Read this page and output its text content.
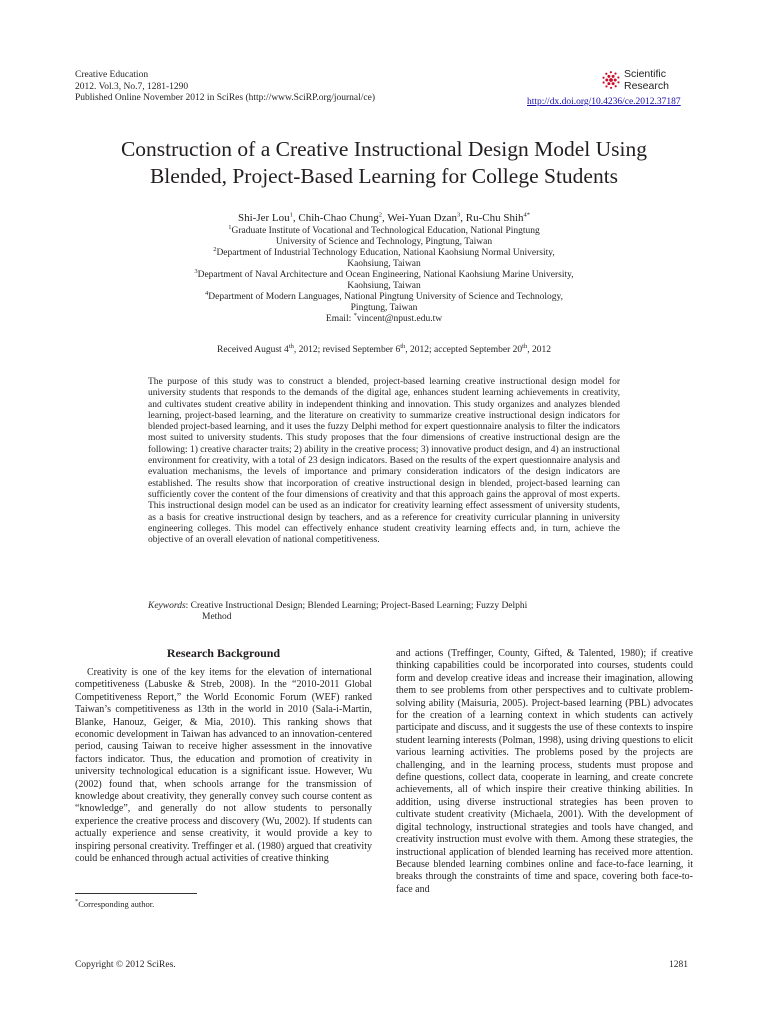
Creative Education
2012. Vol.3, No.7, 1281-1290
Published Online November 2012 in SciRes (http://www.SciRP.org/journal/ce)
Scientific
Research
http://dx.doi.org/10.4236/ce.2012.37187
Construction of a Creative Instructional Design Model Using
Blended, Project-Based Learning for College Students
Shi-Jer Lou$^1$, Chih-Chao Chung$^2$, Wei-Yuan Dzan$^3$, Ru-Chu Shih$^{4*}$
$^1$Graduate Institute of Vocational and Technological Education, National Pingtung
University of Science and Technology, Pingtung, Taiwan
$^2$Department of Industrial Technology Education, National Kaohsiung Normal University,
Kaohsiung, Taiwan
$^3$Department of Naval Architecture and Ocean Engineering, National Kaohsiung Marine University,
Kaohsiung, Taiwan
$^4$Department of Modern Languages, National Pingtung University of Science and Technology,
Pingtung, Taiwan
Email: *vincent@npust.edu.tw
Received August 4th, 2012; revised September 6th, 2012; accepted September 20th, 2012
The purpose of this study was to construct a blended, project-based learning creative instructional design model for university students that responds to the demands of the digital age, enhances student learning achievements in creativity, and cultivates student creative ability in independent thinking and innovation. This study organizes and analyzes blended learning, project-based learning, and the literature on creativity to summarize creative instructional design indicators for blended project-based learning, and it uses the fuzzy Delphi method for expert questionnaire analysis to filter the indicators most suited to university students. This study proposes that the four dimensions of creative instructional design are the following: 1) creative character traits; 2) ability in the creative process; 3) innovative product design, and 4) an instructional environment for creativity, with a total of 23 design indicators. Based on the results of the expert questionnaire analysis and evaluation mechanisms, the levels of importance and primary consideration indicators of the design indicators are established. The results show that incorporation of creative instructional design in blended, project-based learning can sufficiently cover the content of the four dimensions of creativity and that this approach gains the approval of most experts. This instructional design model can be used as an indicator for creativity learning effect assessment of university students, as a basis for creative instructional design by teachers, and as a reference for creativity curricular planning in university engineering colleges. This model can effectively enhance student creativity learning effects and, in turn, achieve the objective of an overall elevation of national competitiveness.
Keywords: Creative Instructional Design; Blended Learning; Project-Based Learning; Fuzzy Delphi
Method
Research Background

Creativity is one of the key items for the elevation of international competitiveness (Labuske & Streb, 2008). In the “2010-2011 Global Competitiveness Report,” the World Economic Forum (WEF) ranked Taiwan’s competitiveness as 13th in the world in 2010 (Sala-i-Martin, Blanke, Hanouz, Geiger, & Mia, 2010). This ranking shows that economic development in Taiwan has advanced to an innovation-centered period, causing Taiwan to receive higher assessment in the innovative factors indicator. Thus, the education and promotion of creativity in university technological education is a significant issue. However, Wu (2002) found that, when schools arrange for the transmission of knowledge about creativity, they generally convey such course content as “knowledge”, and generally do not allow students to personally experience the creative process and discovery (Wu, 2002). If students can actually experience and sense creativity, it would provide a key to inspiring personal creativity. Treffinger et al. (1980) argued that creativity could be enhanced through actual activities of creative thinking

and actions (Treffinger, County, Gifted, & Talented, 1980); if creative thinking capabilities could be incorporated into courses, students could form and develop creative ideas and increase their imagination, allowing them to see problems from other perspectives and to cultivate problem-solving ability (Maisuria, 2005). Project-based learning (PBL) advocates for the creation of a learning context in which students can actively participate and discuss, and it suggests the use of these contexts to inspire student learning interests (Polman, 1998), using driving questions to elicit various learning activities. The problems posed by the projects are challenging, and in the learning process, students must propose and define questions, collect data, cooperate in learning, and create concrete achievements, all of which inspire their creative thinking abilities. In addition, using diverse instructional strategies has been proven to cultivate student creativity (Michaela, 2001). With the development of digital technology, instructional strategies and tools have changed, and creativity instruction must evolve with them. Among these strategies, the instructional application of blended learning has received more attention. Because blended learning combines online and face-to-face learning, it breaks through the constraints of time and space, covering both face-to-face and

*Corresponding author.
Copyright © 2012 SciRes.	1281
